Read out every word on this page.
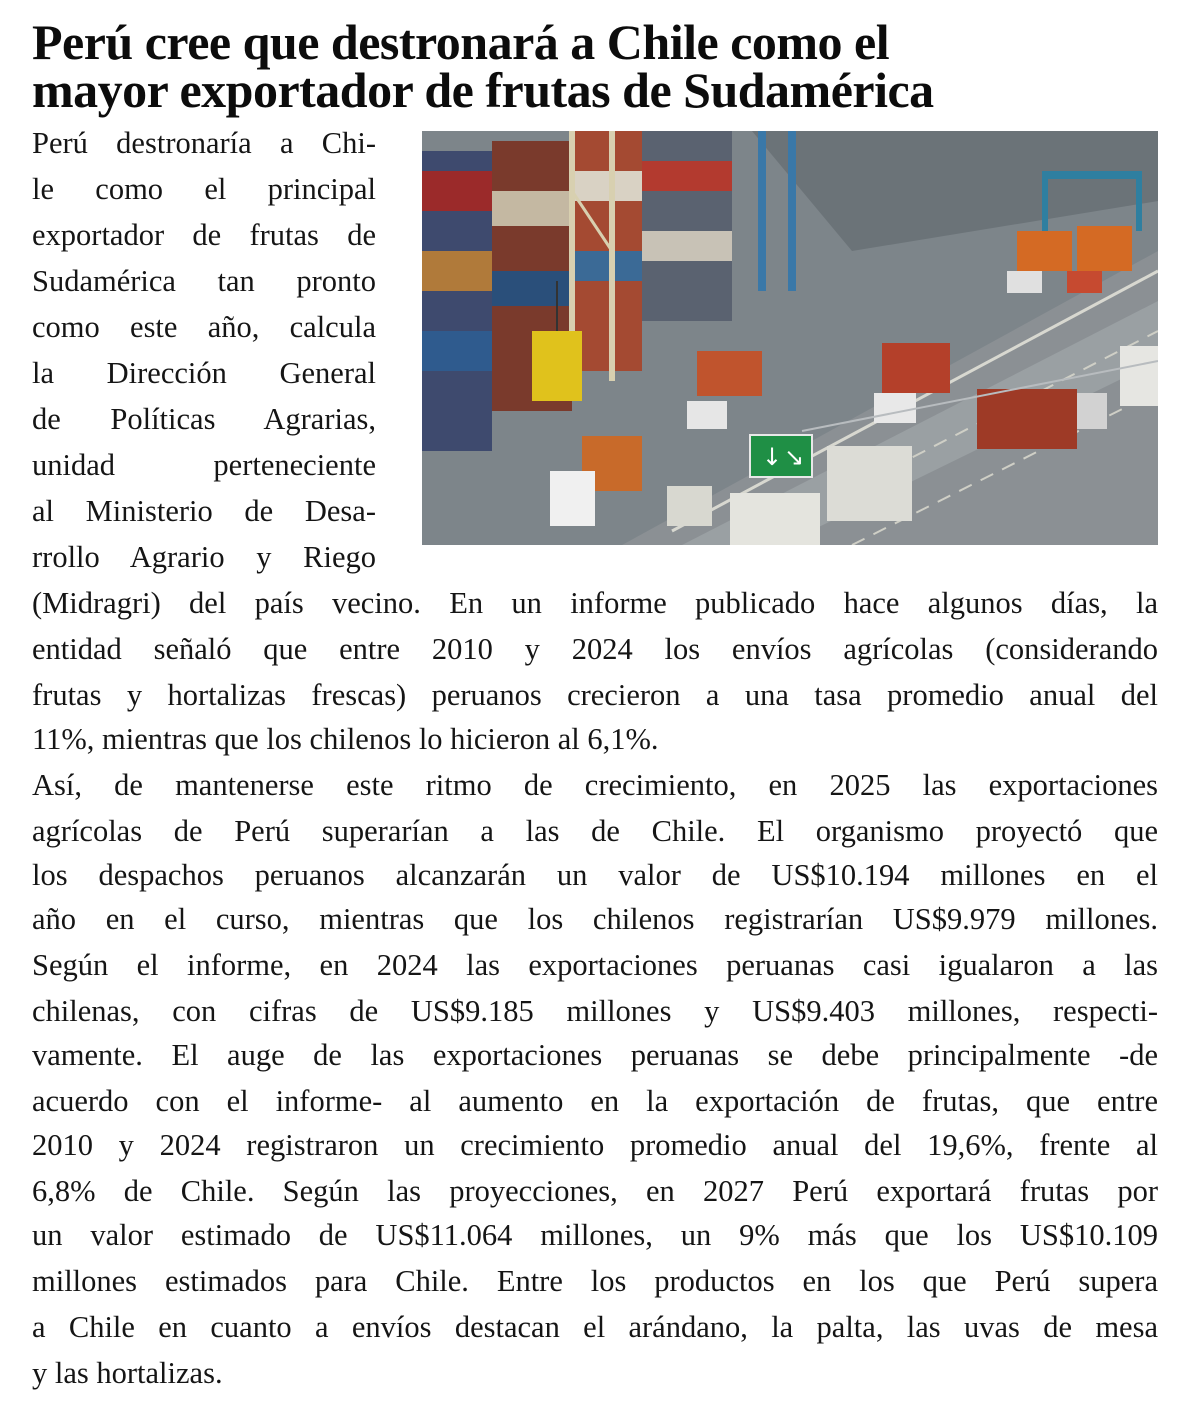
Perú cree que destronará a Chile como el
mayor exportador de frutas de Sudamérica
↓ ↘
Perú destronaría a Chi-
le como el principal
exportador de frutas de
Sudamérica tan pronto
como este año, calcula
la Dirección General
de Políticas Agrarias,
unidad perteneciente
al Ministerio de Desa-
rrollo Agrario y Riego
(Midragri) del país vecino. En un informe publicado hace algunos días, la
entidad señaló que entre 2010 y 2024 los envíos agrícolas (considerando
frutas y hortalizas frescas) peruanos crecieron a una tasa promedio anual del
11%, mientras que los chilenos lo hicieron al 6,1%.
Así, de mantenerse este ritmo de crecimiento, en 2025 las exportaciones
agrícolas de Perú superarían a las de Chile. El organismo proyectó que
los despachos peruanos alcanzarán un valor de US$10.194 millones en el
año en el curso, mientras que los chilenos registrarían US$9.979 millones.
Según el informe, en 2024 las exportaciones peruanas casi igualaron a las
chilenas, con cifras de US$9.185 millones y US$9.403 millones, respecti-
vamente. El auge de las exportaciones peruanas se debe principalmente -de
acuerdo con el informe- al aumento en la exportación de frutas, que entre
2010 y 2024 registraron un crecimiento promedio anual del 19,6%, frente al
6,8% de Chile. Según las proyecciones, en 2027 Perú exportará frutas por
un valor estimado de US$11.064 millones, un 9% más que los US$10.109
millones estimados para Chile. Entre los productos en los que Perú supera
a Chile en cuanto a envíos destacan el arándano, la palta, las uvas de mesa
y las hortalizas.
